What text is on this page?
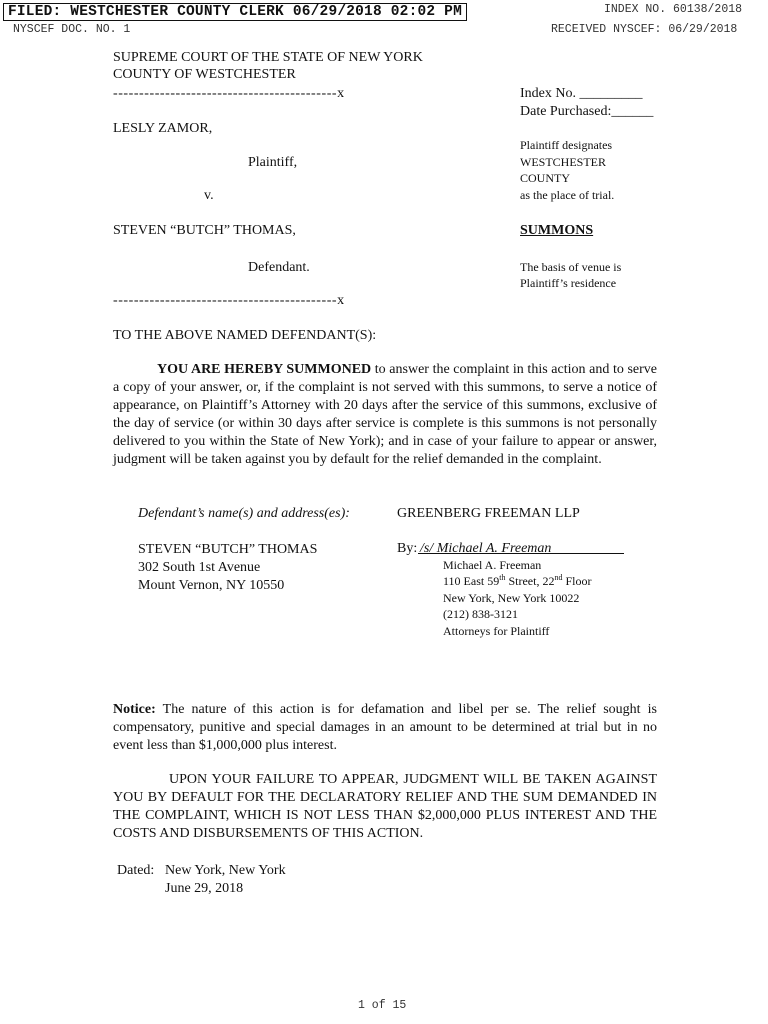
FILED: WESTCHESTER COUNTY CLERK 06/29/2018 02:02 PM	INDEX NO. 60138/2018
NYSCEF DOC. NO. 1	RECEIVED NYSCEF: 06/29/2018
SUPREME COURT OF THE STATE OF NEW YORK
COUNTY OF WESTCHESTER
-------------------------------------------x
LESLY ZAMOR,
Plaintiff,
v.
STEVEN “BUTCH” THOMAS,
Defendant.
-------------------------------------------x
Index No. _________
Date Purchased:______
Plaintiff designates
WESTCHESTER
COUNTY
as the place of trial.
SUMMONS
The basis of venue is
Plaintiff’s residence
TO THE ABOVE NAMED DEFENDANT(S):
YOU ARE HEREBY SUMMONED to answer the complaint in this action and to serve a copy of your answer, or, if the complaint is not served with this summons, to serve a notice of appearance, on Plaintiff’s Attorney with 20 days after the service of this summons, exclusive of the day of service (or within 30 days after service is complete is this summons is not personally delivered to you within the State of New York); and in case of your failure to appear or answer, judgment will be taken against you by default for the relief demanded in the complaint.
Defendant’s name(s) and address(es):
STEVEN “BUTCH” THOMAS
302 South 1st Avenue
Mount Vernon, NY 10550
GREENBERG FREEMAN LLP
By: /s/ Michael A. Freeman
Michael A. Freeman
110 East 59th Street, 22nd Floor
New York, New York 10022
(212) 838-3121
Attorneys for Plaintiff
Notice: The nature of this action is for defamation and libel per se. The relief sought is compensatory, punitive and special damages in an amount to be determined at trial but in no event less than $1,000,000 plus interest.
UPON YOUR FAILURE TO APPEAR, JUDGMENT WILL BE TAKEN AGAINST YOU BY DEFAULT FOR THE DECLARATORY RELIEF AND THE SUM DEMANDED IN THE COMPLAINT, WHICH IS NOT LESS THAN $2,000,000 PLUS INTEREST AND THE COSTS AND DISBURSEMENTS OF THIS ACTION.
Dated: New York, New York
June 29, 2018
1 of 15
